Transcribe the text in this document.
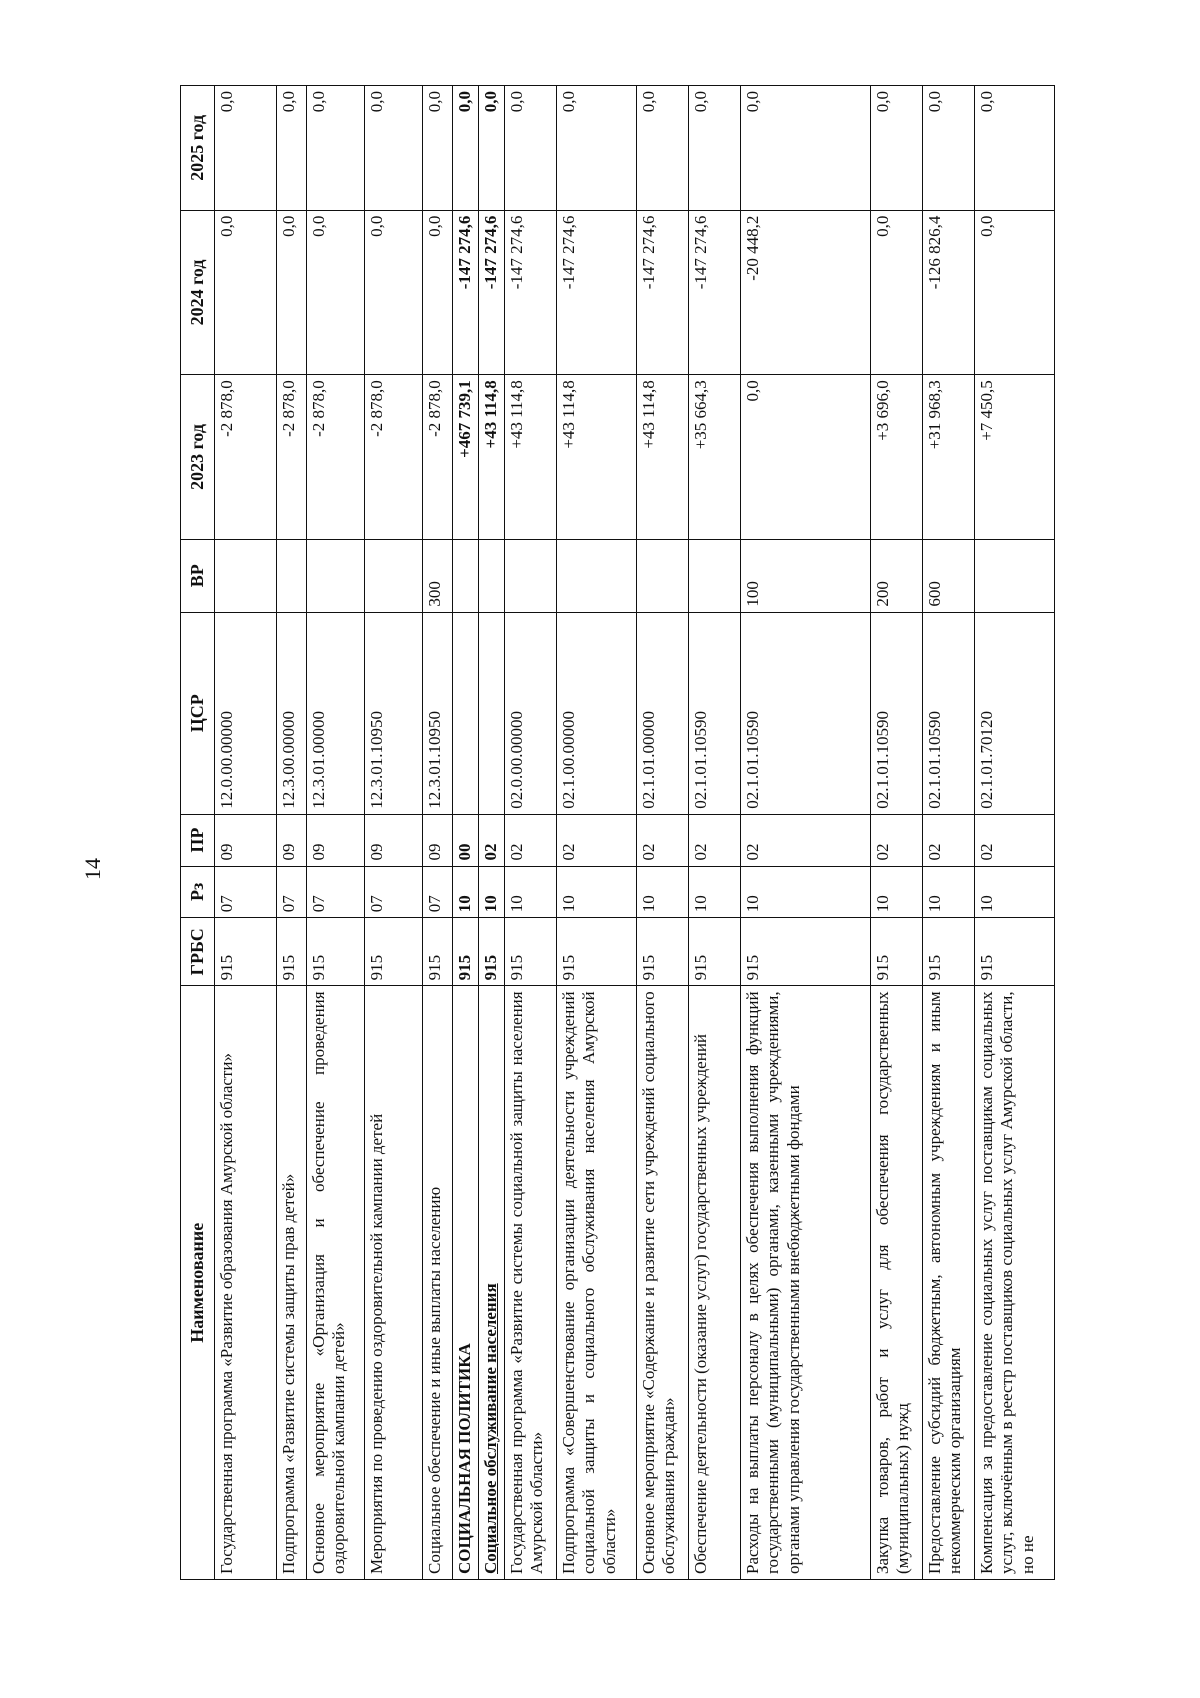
14
Наименование	ГРБС	Рз	ПР	ЦСР	ВР	2023 год	2024 год	2025 год
Государственная программа «Развитие образования Амурской области»	915	07	09	12.0.00.00000		-2 878,0	0,0	0,0
Подпрограмма «Развитие системы защиты прав детей»	915	07	09	12.3.00.00000		-2 878,0	0,0	0,0
Основное мероприятие «Организация и обеспечение проведения оздоровительной кампании детей»	915	07	09	12.3.01.00000		-2 878,0	0,0	0,0
Мероприятия по проведению оздоровительной кампании детей	915	07	09	12.3.01.10950		-2 878,0	0,0	0,0
Социальное обеспечение и иные выплаты населению	915	07	09	12.3.01.10950	300	-2 878,0	0,0	0,0
СОЦИАЛЬНАЯ ПОЛИТИКА	915	10	00			+467 739,1	-147 274,6	0,0
Социальное обслуживание населения	915	10	02			+43 114,8	-147 274,6	0,0
Государственная программа «Развитие системы социальной защиты населения Амурской области»	915	10	02	02.0.00.00000		+43 114,8	-147 274,6	0,0
Подпрограмма «Совершенствование организации деятельности учреждений социальной защиты и социального обслуживания населения Амурской области»	915	10	02	02.1.00.00000		+43 114,8	-147 274,6	0,0
Основное мероприятие «Содержание и развитие сети учреждений социального обслуживания граждан»	915	10	02	02.1.01.00000		+43 114,8	-147 274,6	0,0
Обеспечение деятельности (оказание услуг) государственных учреждений	915	10	02	02.1.01.10590		+35 664,3	-147 274,6	0,0
Расходы на выплаты персоналу в целях обеспечения выполнения функций государственными (муниципальными) органами, казенными учреждениями, органами управления государственными внебюджетными фондами	915	10	02	02.1.01.10590	100	0,0	-20 448,2	0,0
Закупка товаров, работ и услуг для обеспечения государственных (муниципальных) нужд	915	10	02	02.1.01.10590	200	+3 696,0	0,0	0,0
Предоставление субсидий бюджетным, автономным учреждениям и иным некоммерческим организациям	915	10	02	02.1.01.10590	600	+31 968,3	-126 826,4	0,0
Компенсация за предоставление социальных услуг поставщикам социальных услуг, включённым в реестр поставщиков социальных услуг Амурской области, но не	915	10	02	02.1.01.70120		+7 450,5	0,0	0,0
